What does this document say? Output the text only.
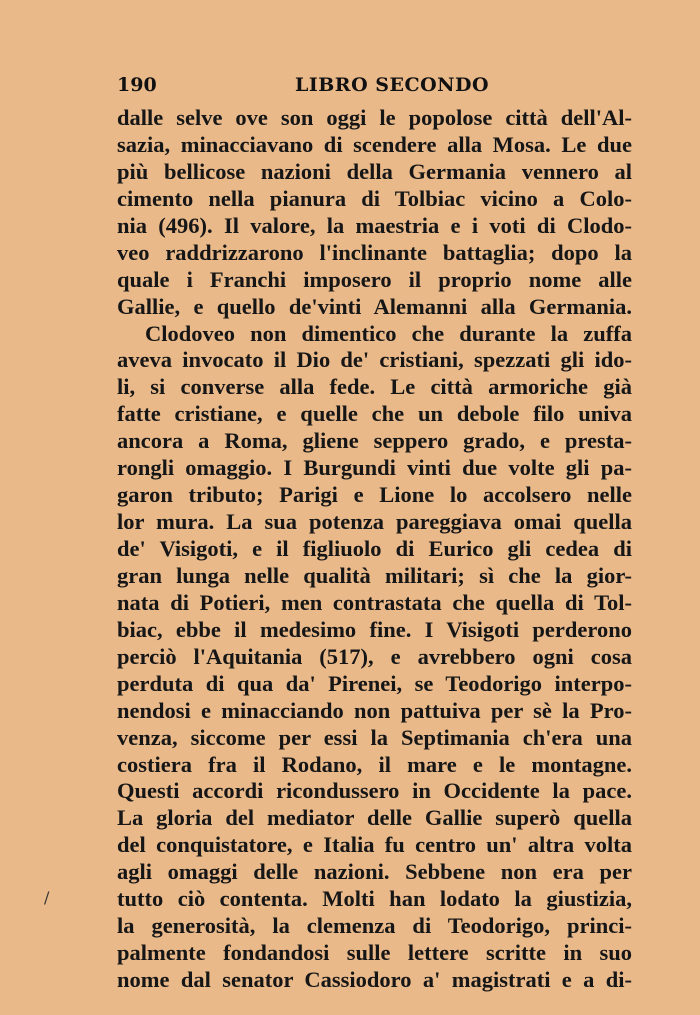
190	LIBRO SECONDO
dalle selve ove son oggi le popolose città dell'Al-
sazia, minacciavano di scendere alla Mosa. Le due
più bellicose nazioni della Germania vennero al
cimento nella pianura di Tolbiac vicino a Colo-
nia (496). Il valore, la maestria e i voti di Clodo-
veo raddrizzarono l'inclinante battaglia; dopo la
quale i Franchi imposero il proprio nome alle
Gallie, e quello de'vinti Alemanni alla Germania.
Clodoveo non dimentico che durante la zuffa
aveva invocato il Dio de' cristiani, spezzati gli ido-
li, si converse alla fede. Le città armoriche già
fatte cristiane, e quelle che un debole filo univa
ancora a Roma, gliene seppero grado, e presta-
rongli omaggio. I Burgundi vinti due volte gli pa-
garon tributo; Parigi e Lione lo accolsero nelle
lor mura. La sua potenza pareggiava omai quella
de' Visigoti, e il figliuolo di Eurico gli cedea di
gran lunga nelle qualità militari; sì che la gior-
nata di Potieri, men contrastata che quella di Tol-
biac, ebbe il medesimo fine. I Visigoti perderono
perciò l'Aquitania (517), e avrebbero ogni cosa
perduta di qua da' Pirenei, se Teodorigo interpo-
nendosi e minacciando non pattuiva per sè la Pro-
venza, siccome per essi la Septimania ch'era una
costiera fra il Rodano, il mare e le montagne.
Questi accordi ricondussero in Occidente la pace.
La gloria del mediator delle Gallie superò quella
del conquistatore, e Italia fu centro un' altra volta
agli omaggi delle nazioni. Sebbene non era per
tutto ciò contenta. Molti han lodato la giustizia,
la generosità, la clemenza di Teodorigo, princi-
palmente fondandosi sulle lettere scritte in suo
nome dal senator Cassiodoro a' magistrati e a di-
/
